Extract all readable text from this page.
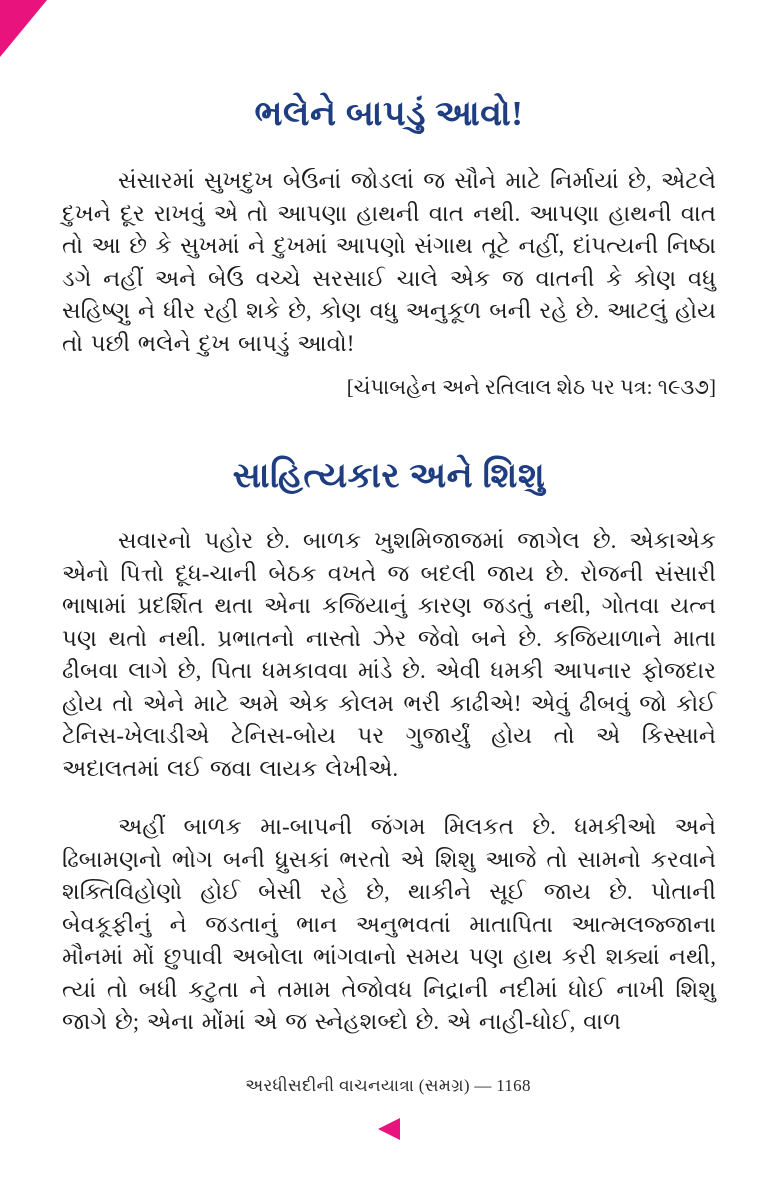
ભલેને બાપડું આવો!

સંસારમાં સુખદુખ બેઉનાં જોડલાં જ સૌને માટે નિર્માયાં છે, એટલે દુખને દૂર રાખવું એ તો આપણા હાથની વાત નથી. આપણા હાથની વાત તો આ છે કે સુખમાં ને દુખમાં આપણો સંગાથ તૂટે નહીં, દાંપત્યની નિષ્ઠા ડગે નહીં અને બેઉ વચ્ચે સરસાઈ ચાલે એક જ વાતની કે કોણ વધુ સહિષ્ણુ ને ધીર રહી શકે છે, કોણ વધુ અનુકૂળ બની રહે છે. આટલું હોય તો પછી ભલેને દુખ બાપડું આવો!

[ચંપાબહેન અને રતિલાલ શેઠ પર પત્ર: ૧૯૩૭]

સાહિત્યકાર અને શિશુ

સવારનો પહોર છે. બાળક ખુશમિજાજમાં જાગેલ છે. એકાએક એનો પિત્તો દૂધ-ચાની બેઠક વખતે જ બદલી જાય છે. રોજની સંસારી ભાષામાં પ્રદર્શિત થતા એના કજિયાનું કારણ જડતું નથી, ગોતવા યત્ન પણ થતો નથી. પ્રભાતનો નાસ્તો ઝેર જેવો બને છે. કજિયાળાને માતા ઢીબવા લાગે છે, પિતા ધમકાવવા માંડે છે. એવી ધમકી આપનાર ફોજદાર હોય તો એને માટે અમે એક કોલમ ભરી કાઢીએ! એવું ઢીબવું જો કોઈ ટેનિસ-ખેલાડીએ ટેનિસ-બોય પર ગુજાર્યું હોય તો એ કિસ્સાને અદાલતમાં લઈ જવા લાયક લેખીએ.

અહીં બાળક મા-બાપની જંગમ મિલકત છે. ધમકીઓ અને ઢિબામણનો ભોગ બની ધ્રુસકાં ભરતો એ શિશુ આજે તો સામનો કરવાને શક્તિવિહોણો હોઈ બેસી રહે છે, થાકીને સૂઈ જાય છે. પોતાની બેવકૂફીનું ને જડતાનું ભાન અનુભવતાં માતાપિતા આત્મલજ્જાના મૌનમાં મોં છુપાવી અબોલા ભાંગવાનો સમય પણ હાથ કરી શક્યાં નથી, ત્યાં તો બધી કટુતા ને તમામ તેજોવધ નિદ્રાની નદીમાં ધોઈ નાખી શિશુ જાગે છે; એના મોંમાં એ જ સ્નેહશબ્દો છે. એ નાહી-ધોઈ, વાળ

અરધીસદીની વાચનયાત્રા (સમગ્ર) — 1168
